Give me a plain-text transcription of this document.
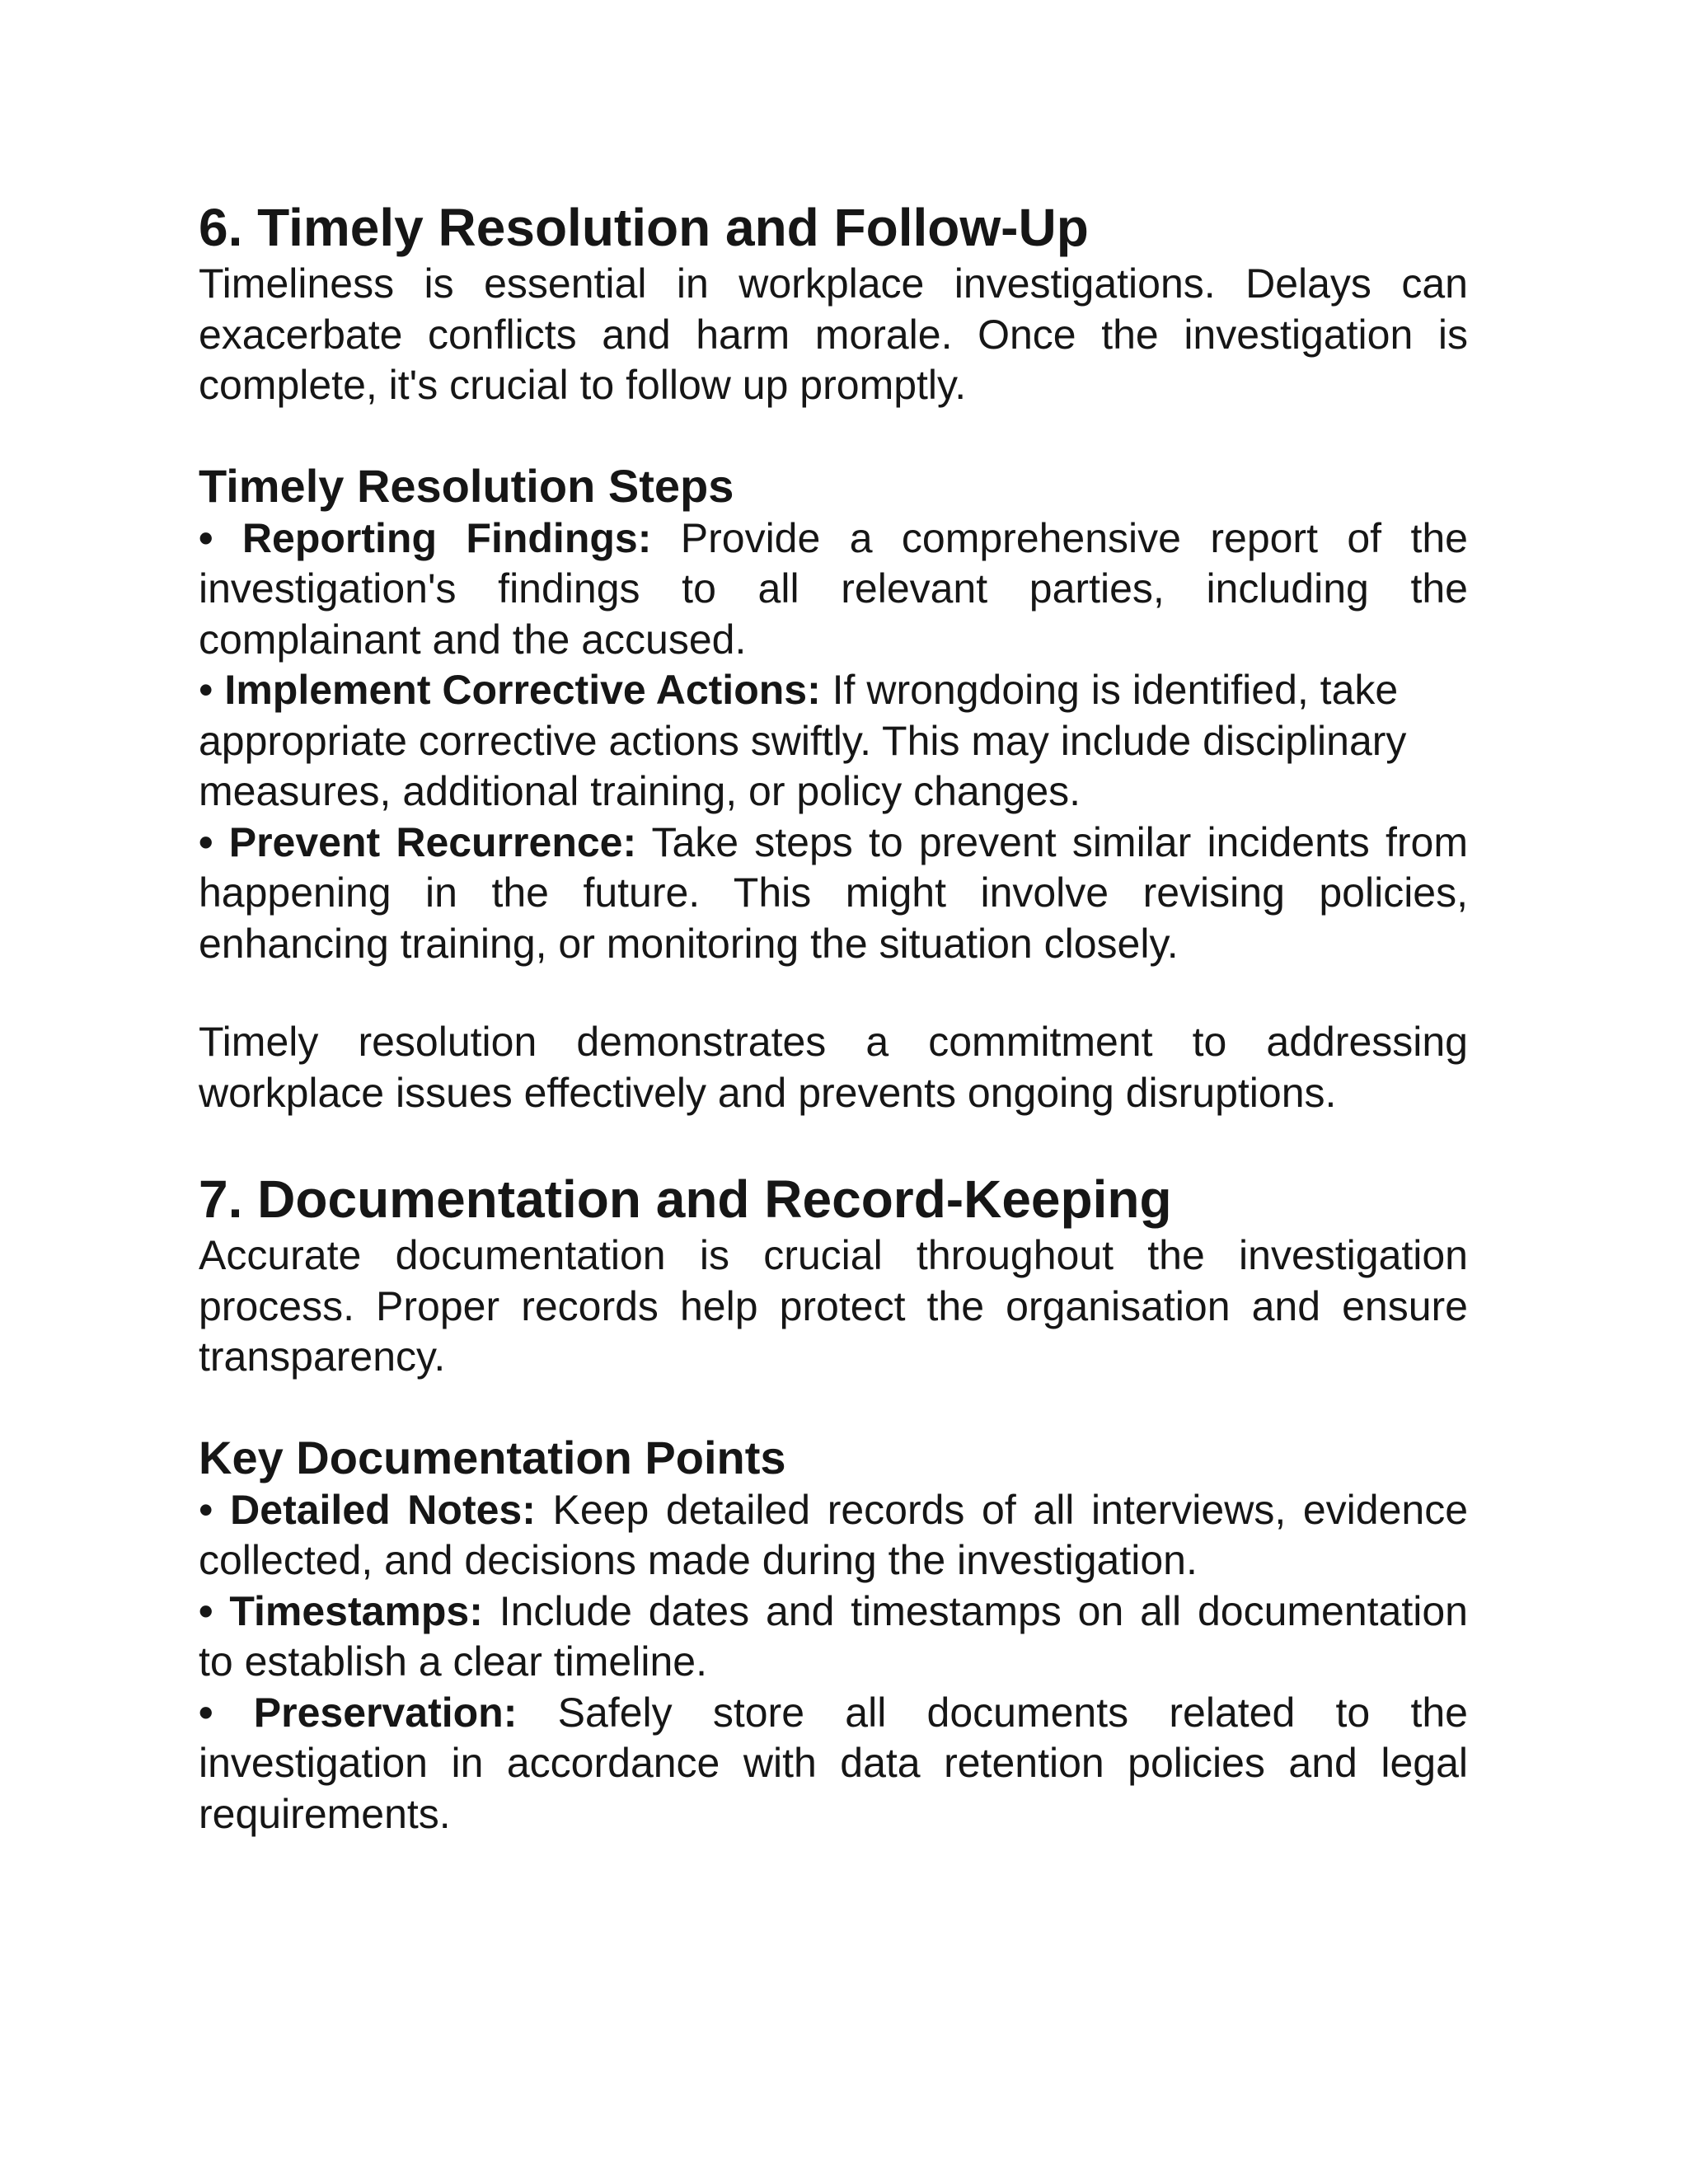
6. Timely Resolution and Follow-Up

Timeliness is essential in workplace investigations. Delays can exacerbate conflicts and harm morale. Once the investigation is complete, it's crucial to follow up promptly.

Timely Resolution Steps

• Reporting Findings: Provide a comprehensive report of the investigation's findings to all relevant parties, including the complainant and the accused.

• Implement Corrective Actions: If wrongdoing is identified, take appropriate corrective actions swiftly. This may include disciplinary measures, additional training, or policy changes.

• Prevent Recurrence: Take steps to prevent similar incidents from happening in the future. This might involve revising policies, enhancing training, or monitoring the situation closely.

Timely resolution demonstrates a commitment to addressing workplace issues effectively and prevents ongoing disruptions.

7. Documentation and Record-Keeping

Accurate documentation is crucial throughout the investigation process. Proper records help protect the organisation and ensure transparency.

Key Documentation Points

• Detailed Notes: Keep detailed records of all interviews, evidence collected, and decisions made during the investigation.

• Timestamps: Include dates and timestamps on all documentation to establish a clear timeline.

• Preservation: Safely store all documents related to the investigation in accordance with data retention policies and legal requirements.
